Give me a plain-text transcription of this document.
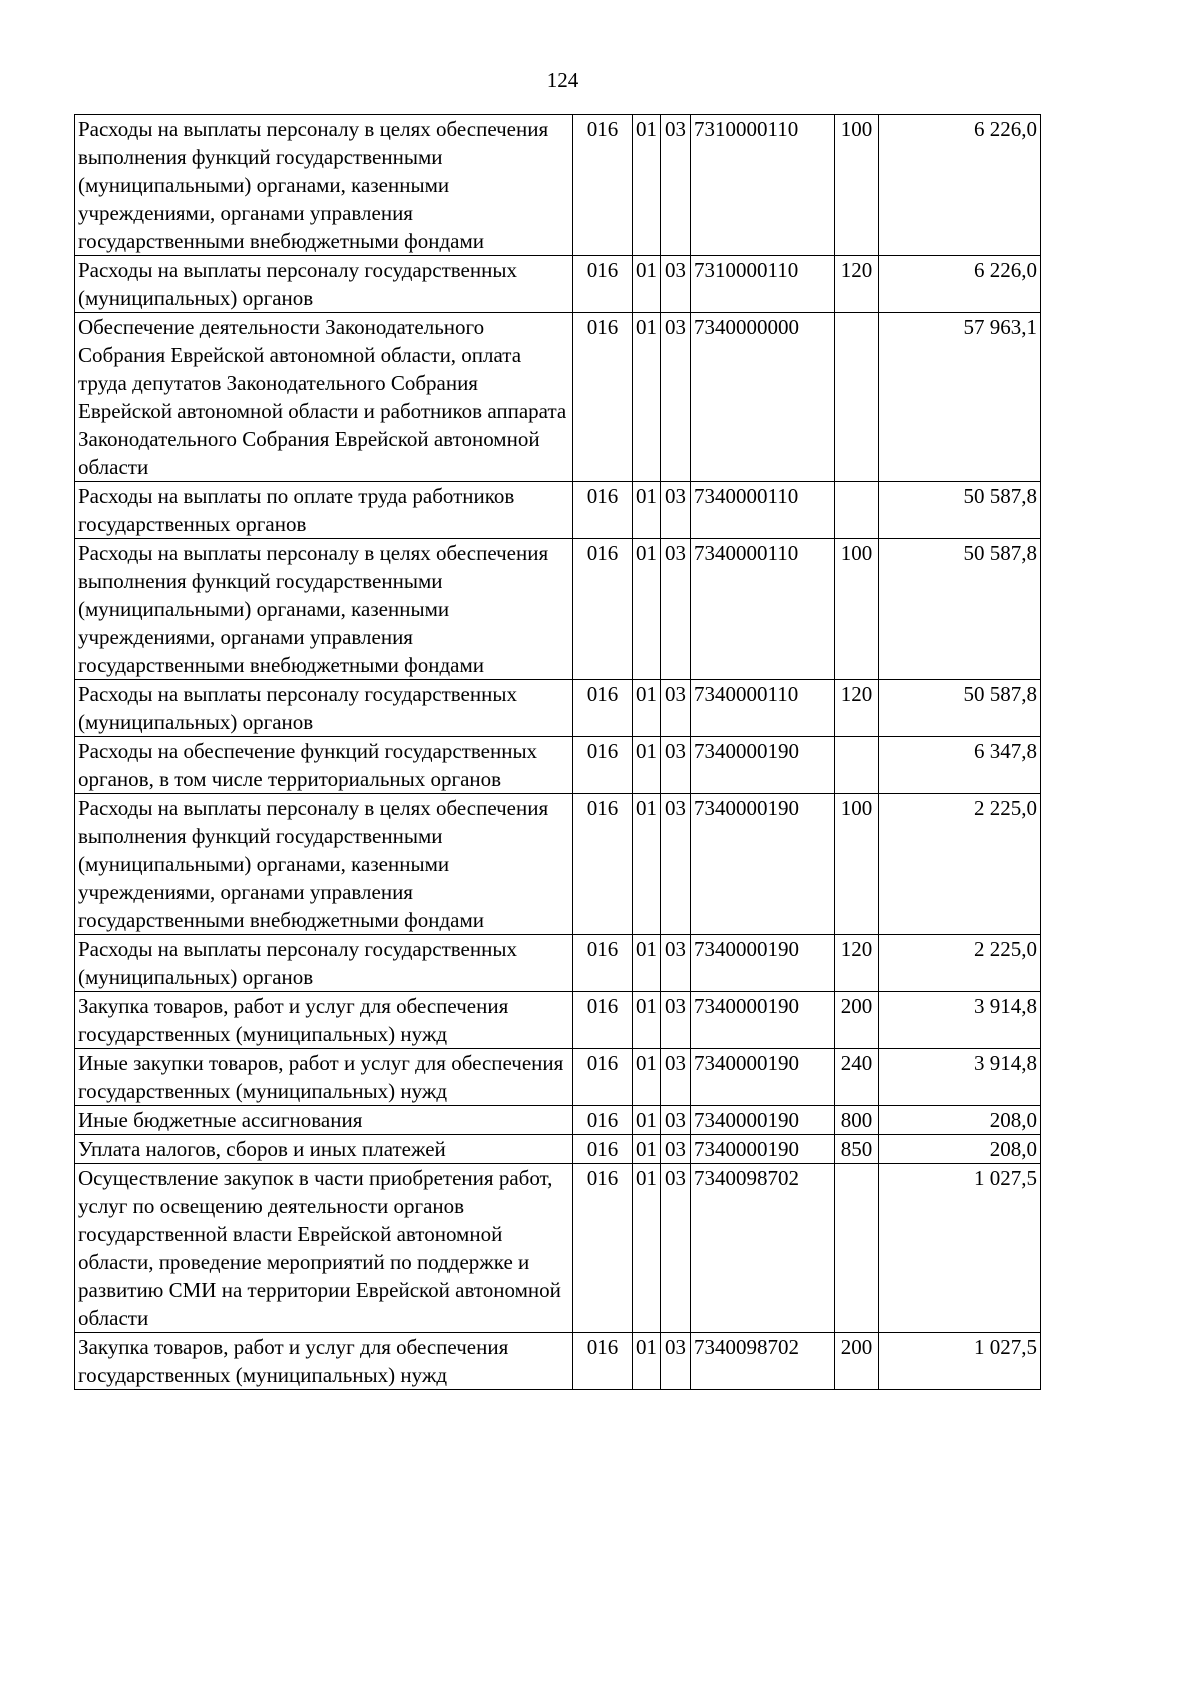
124
Расходы на выплаты персоналу в целях обеспечения выполнения функций государственными (муниципальными) органами, казенными учреждениями, органами управления государственными внебюджетными фондами	016	01	03	7310000110	100	6 226,0
Расходы на выплаты персоналу государственных (муниципальных) органов	016	01	03	7310000110	120	6 226,0
Обеспечение деятельности Законодательного Собрания Еврейской автономной области, оплата труда депутатов Законодательного Собрания Еврейской автономной области и работников аппарата Законодательного Собрания Еврейской автономной области	016	01	03	7340000000		57 963,1
Расходы на выплаты по оплате труда работников государственных органов	016	01	03	7340000110		50 587,8
Расходы на выплаты персоналу в целях обеспечения выполнения функций государственными (муниципальными) органами, казенными учреждениями, органами управления государственными внебюджетными фондами	016	01	03	7340000110	100	50 587,8
Расходы на выплаты персоналу государственных (муниципальных) органов	016	01	03	7340000110	120	50 587,8
Расходы на обеспечение функций государственных органов, в том числе территориальных органов	016	01	03	7340000190		6 347,8
Расходы на выплаты персоналу в целях обеспечения выполнения функций государственными (муниципальными) органами, казенными учреждениями, органами управления государственными внебюджетными фондами	016	01	03	7340000190	100	2 225,0
Расходы на выплаты персоналу государственных (муниципальных) органов	016	01	03	7340000190	120	2 225,0
Закупка товаров, работ и услуг для обеспечения государственных (муниципальных) нужд	016	01	03	7340000190	200	3 914,8
Иные закупки товаров, работ и услуг для обеспечения государственных (муниципальных) нужд	016	01	03	7340000190	240	3 914,8
Иные бюджетные ассигнования	016	01	03	7340000190	800	208,0
Уплата налогов, сборов и иных платежей	016	01	03	7340000190	850	208,0
Осуществление закупок в части приобретения работ, услуг по освещению деятельности органов государственной власти Еврейской автономной области, проведение мероприятий по поддержке и развитию СМИ на территории Еврейской автономной области	016	01	03	7340098702		1 027,5
Закупка товаров, работ и услуг для обеспечения государственных (муниципальных) нужд	016	01	03	7340098702	200	1 027,5
